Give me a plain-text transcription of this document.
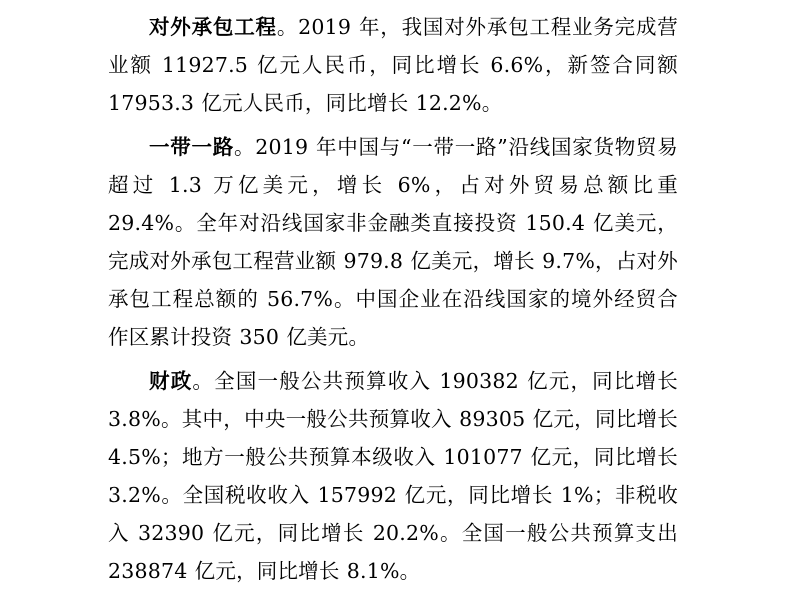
对外承包工程。2019 年，我国对外承包工程业务完成营业额 11927.5 亿元人民币，同比增长 6.6%，新签合同额 17953.3 亿元人民币，同比增长 12.2%。

一带一路。2019 年中国与“一带一路”沿线国家货物贸易超过 1.3 万亿美元，增长 6%，占对外贸易总额比重 29.4%。全年对沿线国家非金融类直接投资 150.4 亿美元，完成对外承包工程营业额 979.8 亿美元，增长 9.7%，占对外承包工程总额的 56.7%。中国企业在沿线国家的境外经贸合作区累计投资 350 亿美元。

财政。全国一般公共预算收入 190382 亿元，同比增长 3.8%。其中，中央一般公共预算收入 89305 亿元，同比增长 4.5%；地方一般公共预算本级收入 101077 亿元，同比增长 3.2%。全国税收收入 157992 亿元，同比增长 1%；非税收入 32390 亿元，同比增长 20.2%。全国一般公共预算支出 238874 亿元，同比增长 8.1%。
